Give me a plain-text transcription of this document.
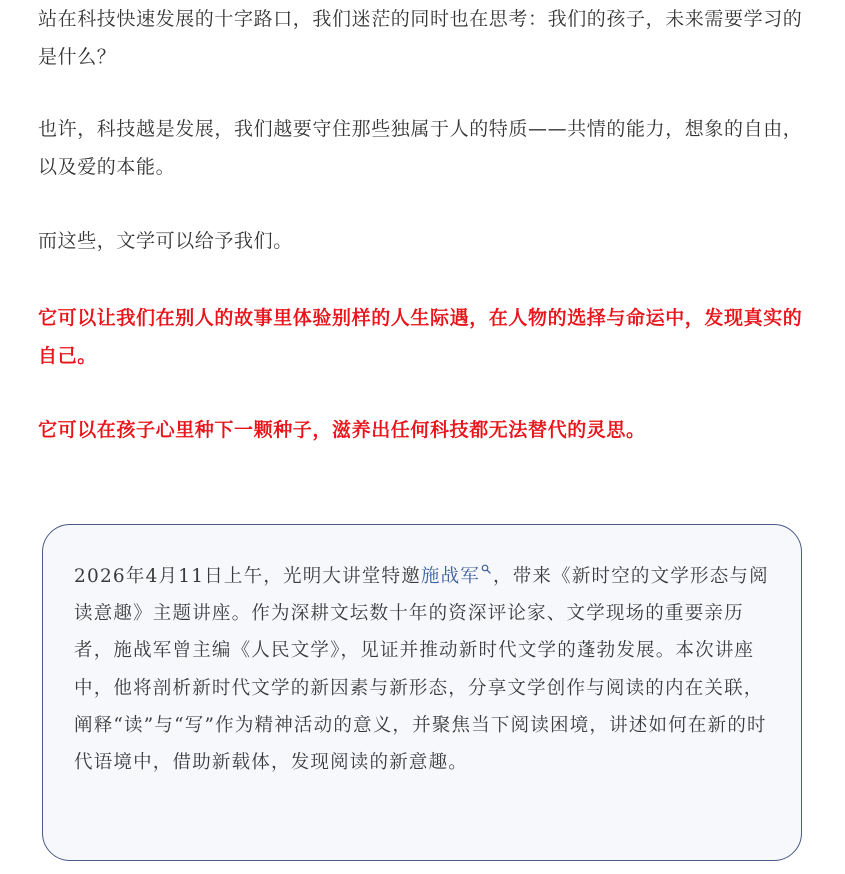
站在科技快速发展的十字路口，我们迷茫的同时也在思考：我们的孩子，未来需要学习的是什么？

也许，科技越是发展，我们越要守住那些独属于人的特质——共情的能力，想象的自由，以及爱的本能。

而这些，文学可以给予我们。

它可以让我们在别人的故事里体验别样的人生际遇，在人物的选择与命运中，发现真实的自己。

它可以在孩子心里种下一颗种子，滋养出任何科技都无法替代的灵思。

2026年4月11日上午，光明大讲堂特邀施战军 ，带来《新时空的文学形态与阅读意趣》主题讲座。作为深耕文坛数十年的资深评论家、文学现场的重要亲历者，施战军曾主编《人民文学》，见证并推动新时代文学的蓬勃发展。本次讲座中，他将剖析新时代文学的新因素与新形态，分享文学创作与阅读的内在关联，阐释“读”与“写”作为精神活动的意义，并聚焦当下阅读困境，讲述如何在新的时代语境中，借助新载体，发现阅读的新意趣。
